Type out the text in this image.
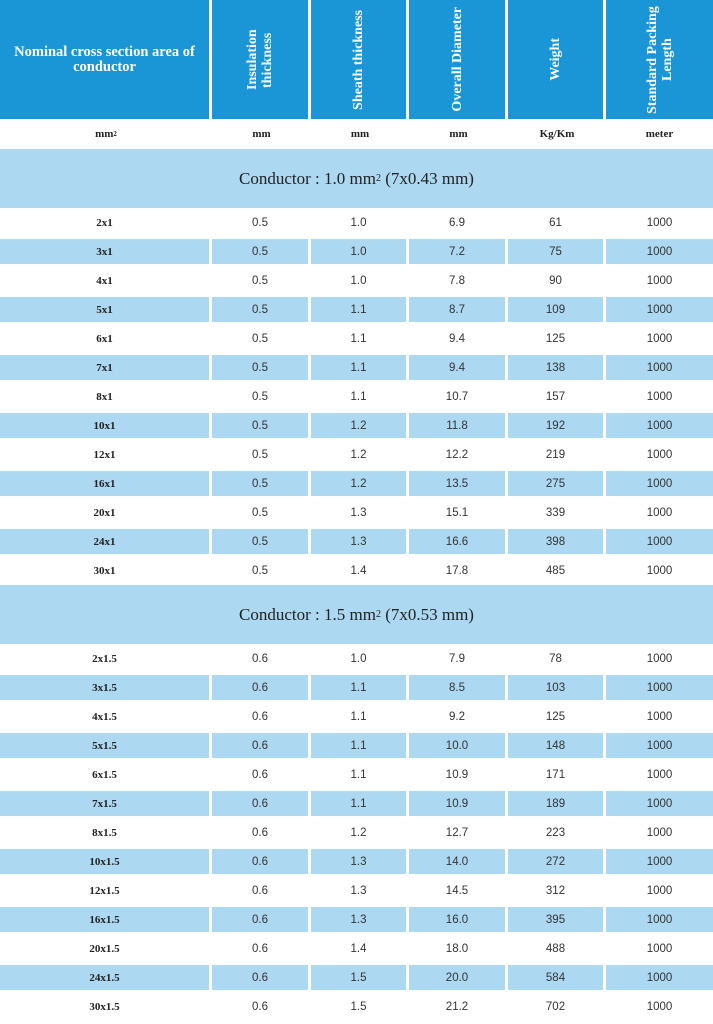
Nominal cross section area of conductor	Insulation thickness	Sheath thickness	Overall Diameter	Weight	Standard Packing Length
mm 2	mm	mm	mm	Kg/Km	meter
Conductor : 1.0 mm 2 (7x0.43 mm)
2x1	0.5	1.0	6.9	61	1000
3x1	0.5	1.0	7.2	75	1000
4x1	0.5	1.0	7.8	90	1000
5x1	0.5	1.1	8.7	109	1000
6x1	0.5	1.1	9.4	125	1000
7x1	0.5	1.1	9.4	138	1000
8x1	0.5	1.1	10.7	157	1000
10x1	0.5	1.2	11.8	192	1000
12x1	0.5	1.2	12.2	219	1000
16x1	0.5	1.2	13.5	275	1000
20x1	0.5	1.3	15.1	339	1000
24x1	0.5	1.3	16.6	398	1000
30x1	0.5	1.4	17.8	485	1000
Conductor : 1.5 mm 2 (7x0.53 mm)
2x1.5	0.6	1.0	7.9	78	1000
3x1.5	0.6	1.1	8.5	103	1000
4x1.5	0.6	1.1	9.2	125	1000
5x1.5	0.6	1.1	10.0	148	1000
6x1.5	0.6	1.1	10.9	171	1000
7x1.5	0.6	1.1	10.9	189	1000
8x1.5	0.6	1.2	12.7	223	1000
10x1.5	0.6	1.3	14.0	272	1000
12x1.5	0.6	1.3	14.5	312	1000
16x1.5	0.6	1.3	16.0	395	1000
20x1.5	0.6	1.4	18.0	488	1000
24x1.5	0.6	1.5	20.0	584	1000
30x1.5	0.6	1.5	21.2	702	1000
